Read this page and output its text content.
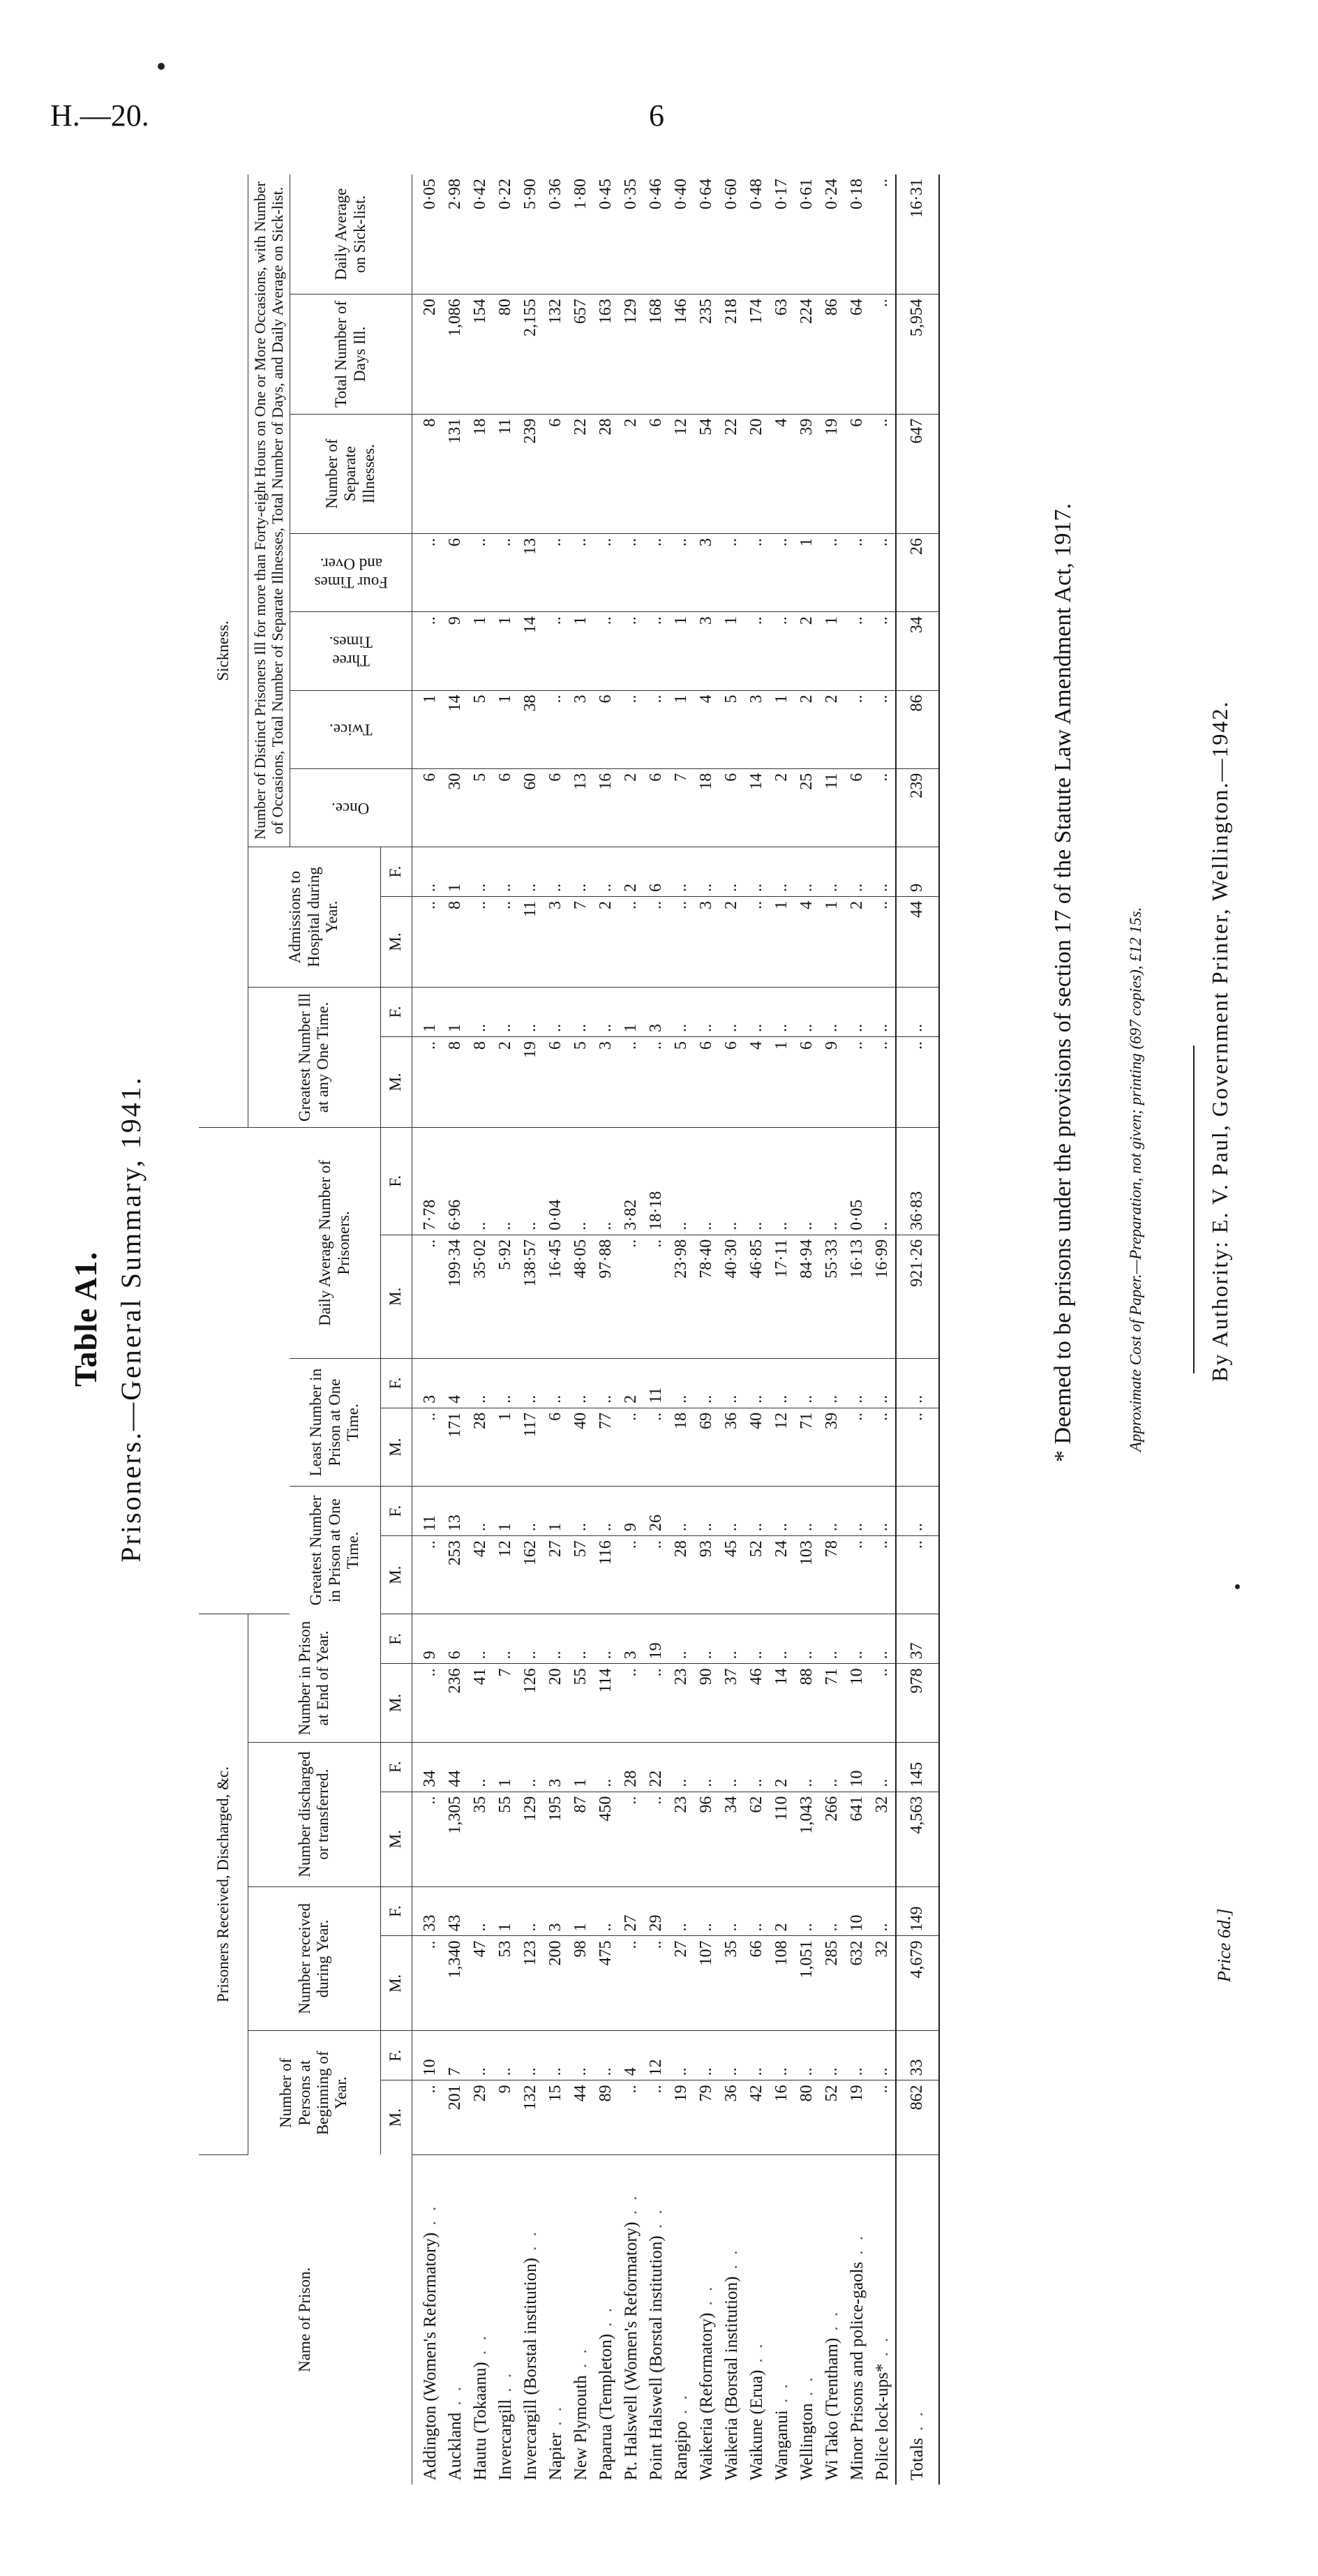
H.—20.	6
Table A1. Prisoners.—General Summary, 1941.
Name of Prison.	Prisoners Received, Discharged, &c.														Sickness.										
	Number of Persons at Beginning of Year.		Number received during Year.		Number discharged or transferred.		Number in Prison at End of Year.								Greatest Number Ill at any One Time.		Admissions to Hospital during Year.		Number of Distinct Prisoners Ill for more than Forty-eight Hours on One or More Occasions, with Number of Occasions, Total Number of Separate Illnesses, Total Number of Days, and Daily Average on Sick-list.						
									Greatest Number in Prison at One Time.		Least Number in Prison at One Time.		Daily Average Number of Prisoners.						Once.	Twice.	Three Times.	Four Times and Over.	Number of Separate Illnesses.	Total Number of Days Ill.	Daily Average on Sick-list.
	M.	F.	M.	F.	M.	F.	M.	F.	M.	F.	M.	F.	M.	F.	M.	F.	M.	F.							
Addington (Women's Reformatory) . .	..	10	..	33	..	34	..	9	..	11	..	3	..	7·78	..	1	..	..	6	1	..	..	8	20	0·05
Auckland . .	201	7	1,340	43	1,305	44	236	6	253	13	171	4	199·34	6·96	8	1	8	1	30	14	9	6	131	1,086	2·98
Hautu (Tokaanu) . .	29	..	47	..	35	..	41	..	42	..	28	..	35·02	..	8	..	..	..	5	5	1	..	18	154	0·42
Invercargill . .	9	..	53	1	55	1	7	..	12	1	1	..	5·92	..	2	..	..	..	6	1	1	..	11	80	0·22
Invercargill (Borstal institution) . .	132	..	123	..	129	..	126	..	162	..	117	..	138·57	..	19	..	11	..	60	38	14	13	239	2,155	5·90
Napier . .	15	..	200	3	195	3	20	..	27	1	6	..	16·45	0·04	6	..	3	..	6	..	..	..	6	132	0·36
New Plymouth . .	44	..	98	1	87	1	55	..	57	..	40	..	48·05	..	5	..	7	..	13	3	1	..	22	657	1·80
Paparua (Templeton) . .	89	..	475	..	450	..	114	..	116	..	77	..	97·88	..	3	..	2	..	16	6	..	..	28	163	0·45
Pt. Halswell (Women's Reformatory) . .	..	4	..	27	..	28	..	3	..	9	..	2	..	3·82	..	1	..	2	2	..	..	..	2	129	0·35
Point Halswell (Borstal institution) . .	..	12	..	29	..	22	..	19	..	26	..	11	..	18·18	..	3	..	6	6	..	..	..	6	168	0·46
Rangipo . .	19	..	27	..	23	..	23	..	28	..	18	..	23·98	..	5	..	..	..	7	1	1	..	12	146	0·40
Waikeria (Reformatory) . .	79	..	107	..	96	..	90	..	93	..	69	..	78·40	..	6	..	3	..	18	4	3	3	54	235	0·64
Waikeria (Borstal institution) . .	36	..	35	..	34	..	37	..	45	..	36	..	40·30	..	6	..	2	..	6	5	1	..	22	218	0·60
Waikune (Erua) . .	42	..	66	..	62	..	46	..	52	..	40	..	46·85	..	4	..	..	..	14	3	..	..	20	174	0·48
Wanganui . .	16	..	108	2	110	2	14	..	24	..	12	..	17·11	..	1	..	1	..	2	1	..	..	4	63	0·17
Wellington . .	80	..	1,051	..	1,043	..	88	..	103	..	71	..	84·94	..	6	..	4	..	25	2	2	1	39	224	0·61
Wi Tako (Trentham) . .	52	..	285	..	266	..	71	..	78	..	39	..	55·33	..	9	..	1	..	11	2	1	..	19	86	0·24
Minor Prisons and police-gaols . .	19	..	632	10	641	10	10	..	..	..	..	..	16·13	0·05	..	..	2	..	6	..	..	..	6	64	0·18
Police lock-ups* . .	..	..	32	..	32	..	..	..	..	..	..	..	16·99	..	..	..	..	..	..	..	..	..	..	..	..
Totals . .	862	33	4,679	149	4,563	145	978	37	..	..	..	..	921·26	36·83	..	..	44	9	239	86	34	26	647	5,954	16·31
* Deemed to be prisons under the provisions of section 17 of the Statute Law Amendment Act, 1917.	Approximate Cost of Paper.—Preparation, not given; printing (697 copies), £12 15s.	By Authority: E. V. Paul, Government Printer, Wellington.—1942.
Price 6d.]
